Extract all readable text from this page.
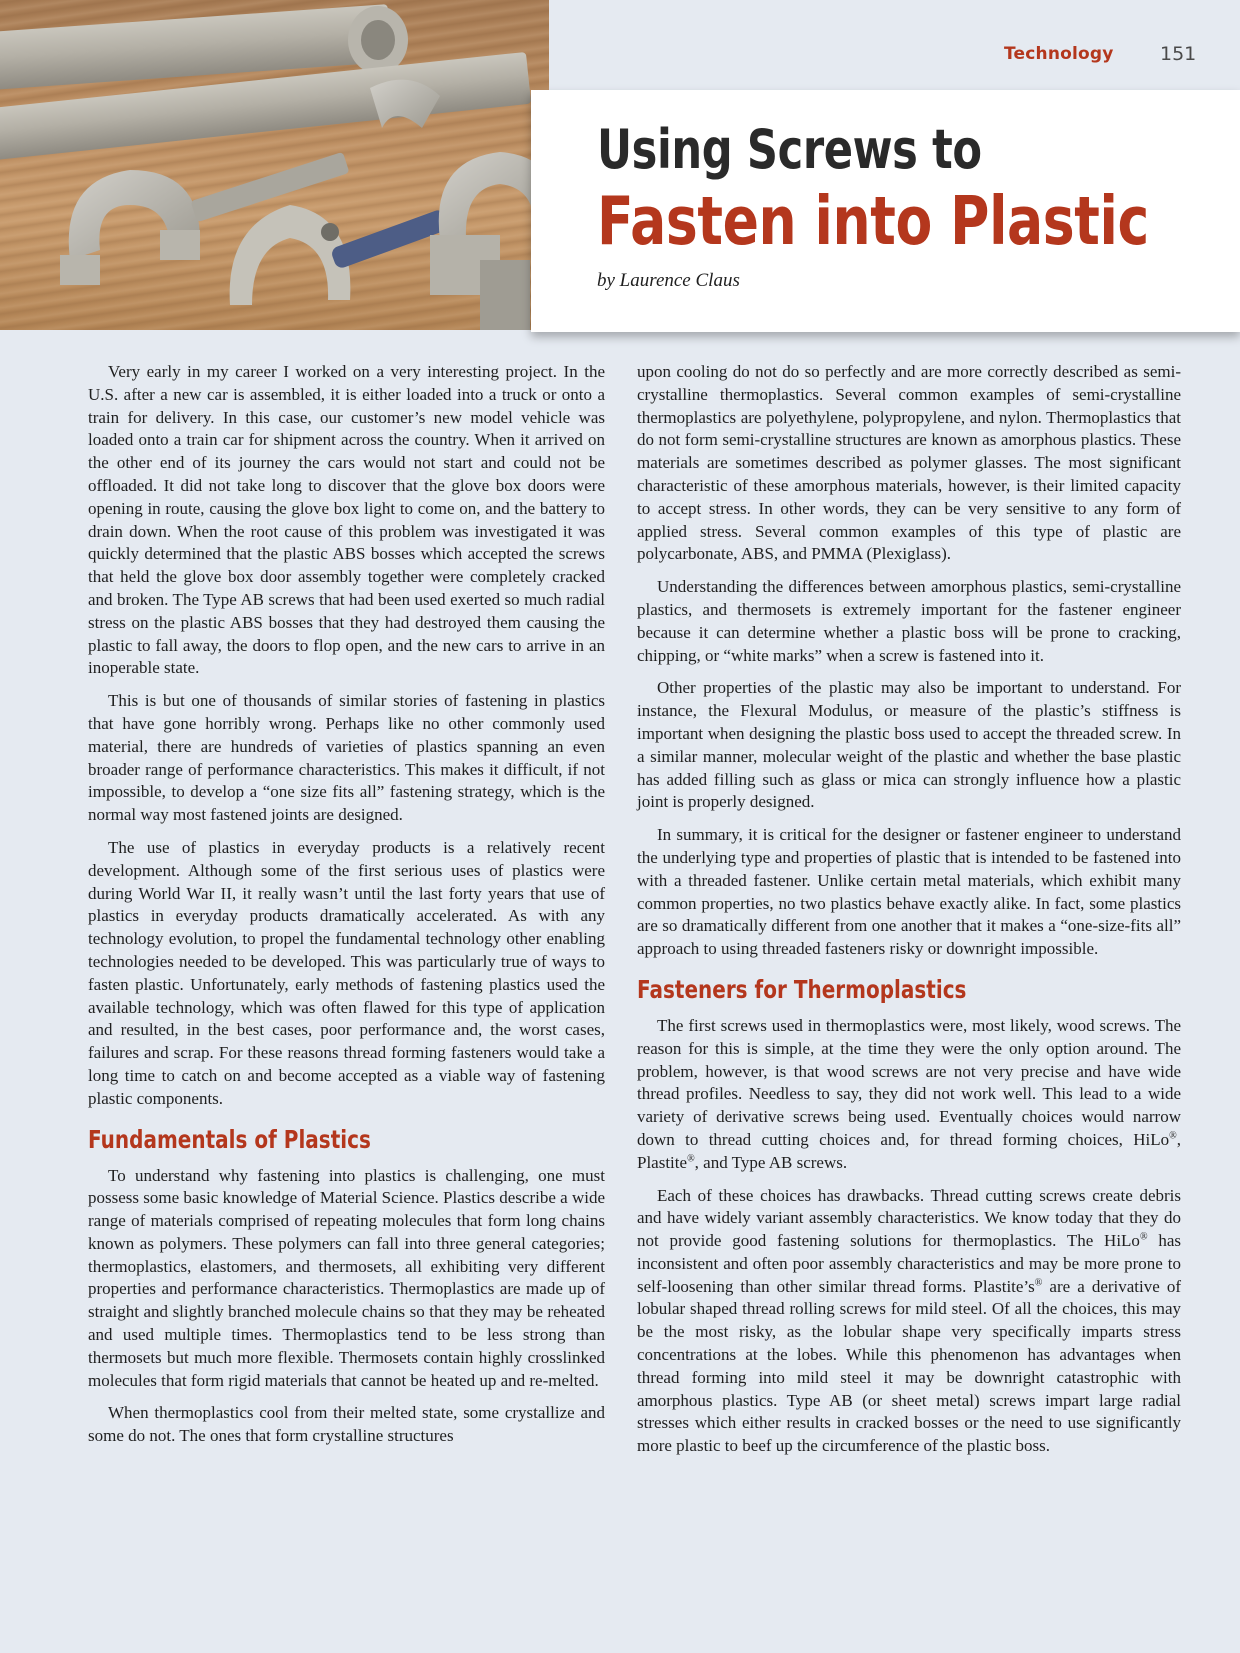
Technology 151
Using Screws to
Fasten into Plastic
by Laurence Claus

Very early in my career I worked on a very interesting project. In the U.S. after a new car is assembled, it is either loaded into a truck or onto a train for delivery. In this case, our customer’s new model vehicle was loaded onto a train car for shipment across the country. When it arrived on the other end of its journey the cars would not start and could not be offloaded. It did not take long to discover that the glove box doors were opening in route, causing the glove box light to come on, and the battery to drain down. When the root cause of this problem was investigated it was quickly determined that the plastic ABS bosses which accepted the screws that held the glove box door assembly together were completely cracked and broken. The Type AB screws that had been used exerted so much radial stress on the plastic ABS bosses that they had destroyed them causing the plastic to fall away, the doors to flop open, and the new cars to arrive in an inoperable state.

This is but one of thousands of similar stories of fastening in plastics that have gone horribly wrong. Perhaps like no other commonly used material, there are hundreds of varieties of plastics spanning an even broader range of performance characteristics. This makes it difficult, if not impossible, to develop a “one size fits all” fastening strategy, which is the normal way most fastened joints are designed.

The use of plastics in everyday products is a relatively recent development. Although some of the first serious uses of plastics were during World War II, it really wasn’t until the last forty years that use of plastics in everyday products dramatically accelerated. As with any technology evolution, to propel the fundamental technology other enabling technologies needed to be developed. This was particularly true of ways to fasten plastic. Unfortunately, early methods of fastening plastics used the available technology, which was often flawed for this type of application and resulted, in the best cases, poor performance and, the worst cases, failures and scrap. For these reasons thread forming fasteners would take a long time to catch on and become accepted as a viable way of fastening plastic components.

Fundamentals of Plastics

To understand why fastening into plastics is challenging, one must possess some basic knowledge of Material Science. Plastics describe a wide range of materials comprised of repeating molecules that form long chains known as polymers. These polymers can fall into three general categories; thermoplastics, elastomers, and thermosets, all exhibiting very different properties and performance characteristics. Thermoplastics are made up of straight and slightly branched molecule chains so that they may be reheated and used multiple times. Thermoplastics tend to be less strong than thermosets but much more flexible. Thermosets contain highly crosslinked molecules that form rigid materials that cannot be heated up and re-melted.

When thermoplastics cool from their melted state, some crystallize and some do not. The ones that form crystalline structures

upon cooling do not do so perfectly and are more correctly described as semi-crystalline thermoplastics. Several common examples of semi-crystalline thermoplastics are polyethylene, polypropylene, and nylon. Thermoplastics that do not form semi-crystalline structures are known as amorphous plastics. These materials are sometimes described as polymer glasses. The most significant characteristic of these amorphous materials, however, is their limited capacity to accept stress. In other words, they can be very sensitive to any form of applied stress. Several common examples of this type of plastic are polycarbonate, ABS, and PMMA (Plexiglass).

Understanding the differences between amorphous plastics, semi-crystalline plastics, and thermosets is extremely important for the fastener engineer because it can determine whether a plastic boss will be prone to cracking, chipping, or “white marks” when a screw is fastened into it.

Other properties of the plastic may also be important to understand. For instance, the Flexural Modulus, or measure of the plastic’s stiffness is important when designing the plastic boss used to accept the threaded screw. In a similar manner, molecular weight of the plastic and whether the base plastic has added filling such as glass or mica can strongly influence how a plastic joint is properly designed.

In summary, it is critical for the designer or fastener engineer to understand the underlying type and properties of plastic that is intended to be fastened into with a threaded fastener. Unlike certain metal materials, which exhibit many common properties, no two plastics behave exactly alike. In fact, some plastics are so dramatically different from one another that it makes a “one-size-fits all” approach to using threaded fasteners risky or downright impossible.

Fasteners for Thermoplastics

The first screws used in thermoplastics were, most likely, wood screws. The reason for this is simple, at the time they were the only option around. The problem, however, is that wood screws are not very precise and have wide thread profiles. Needless to say, they did not work well. This lead to a wide variety of derivative screws being used. Eventually choices would narrow down to thread cutting choices and, for thread forming choices, HiLo®, Plastite®, and Type AB screws.

Each of these choices has drawbacks. Thread cutting screws create debris and have widely variant assembly characteristics. We know today that they do not provide good fastening solutions for thermoplastics. The HiLo® has inconsistent and often poor assembly characteristics and may be more prone to self-loosening than other similar thread forms. Plastite’s® are a derivative of lobular shaped thread rolling screws for mild steel. Of all the choices, this may be the most risky, as the lobular shape very specifically imparts stress concentrations at the lobes. While this phenomenon has advantages when thread forming into mild steel it may be downright catastrophic with amorphous plastics. Type AB (or sheet metal) screws impart large radial stresses which either results in cracked bosses or the need to use significantly more plastic to beef up the circumference of the plastic boss.
